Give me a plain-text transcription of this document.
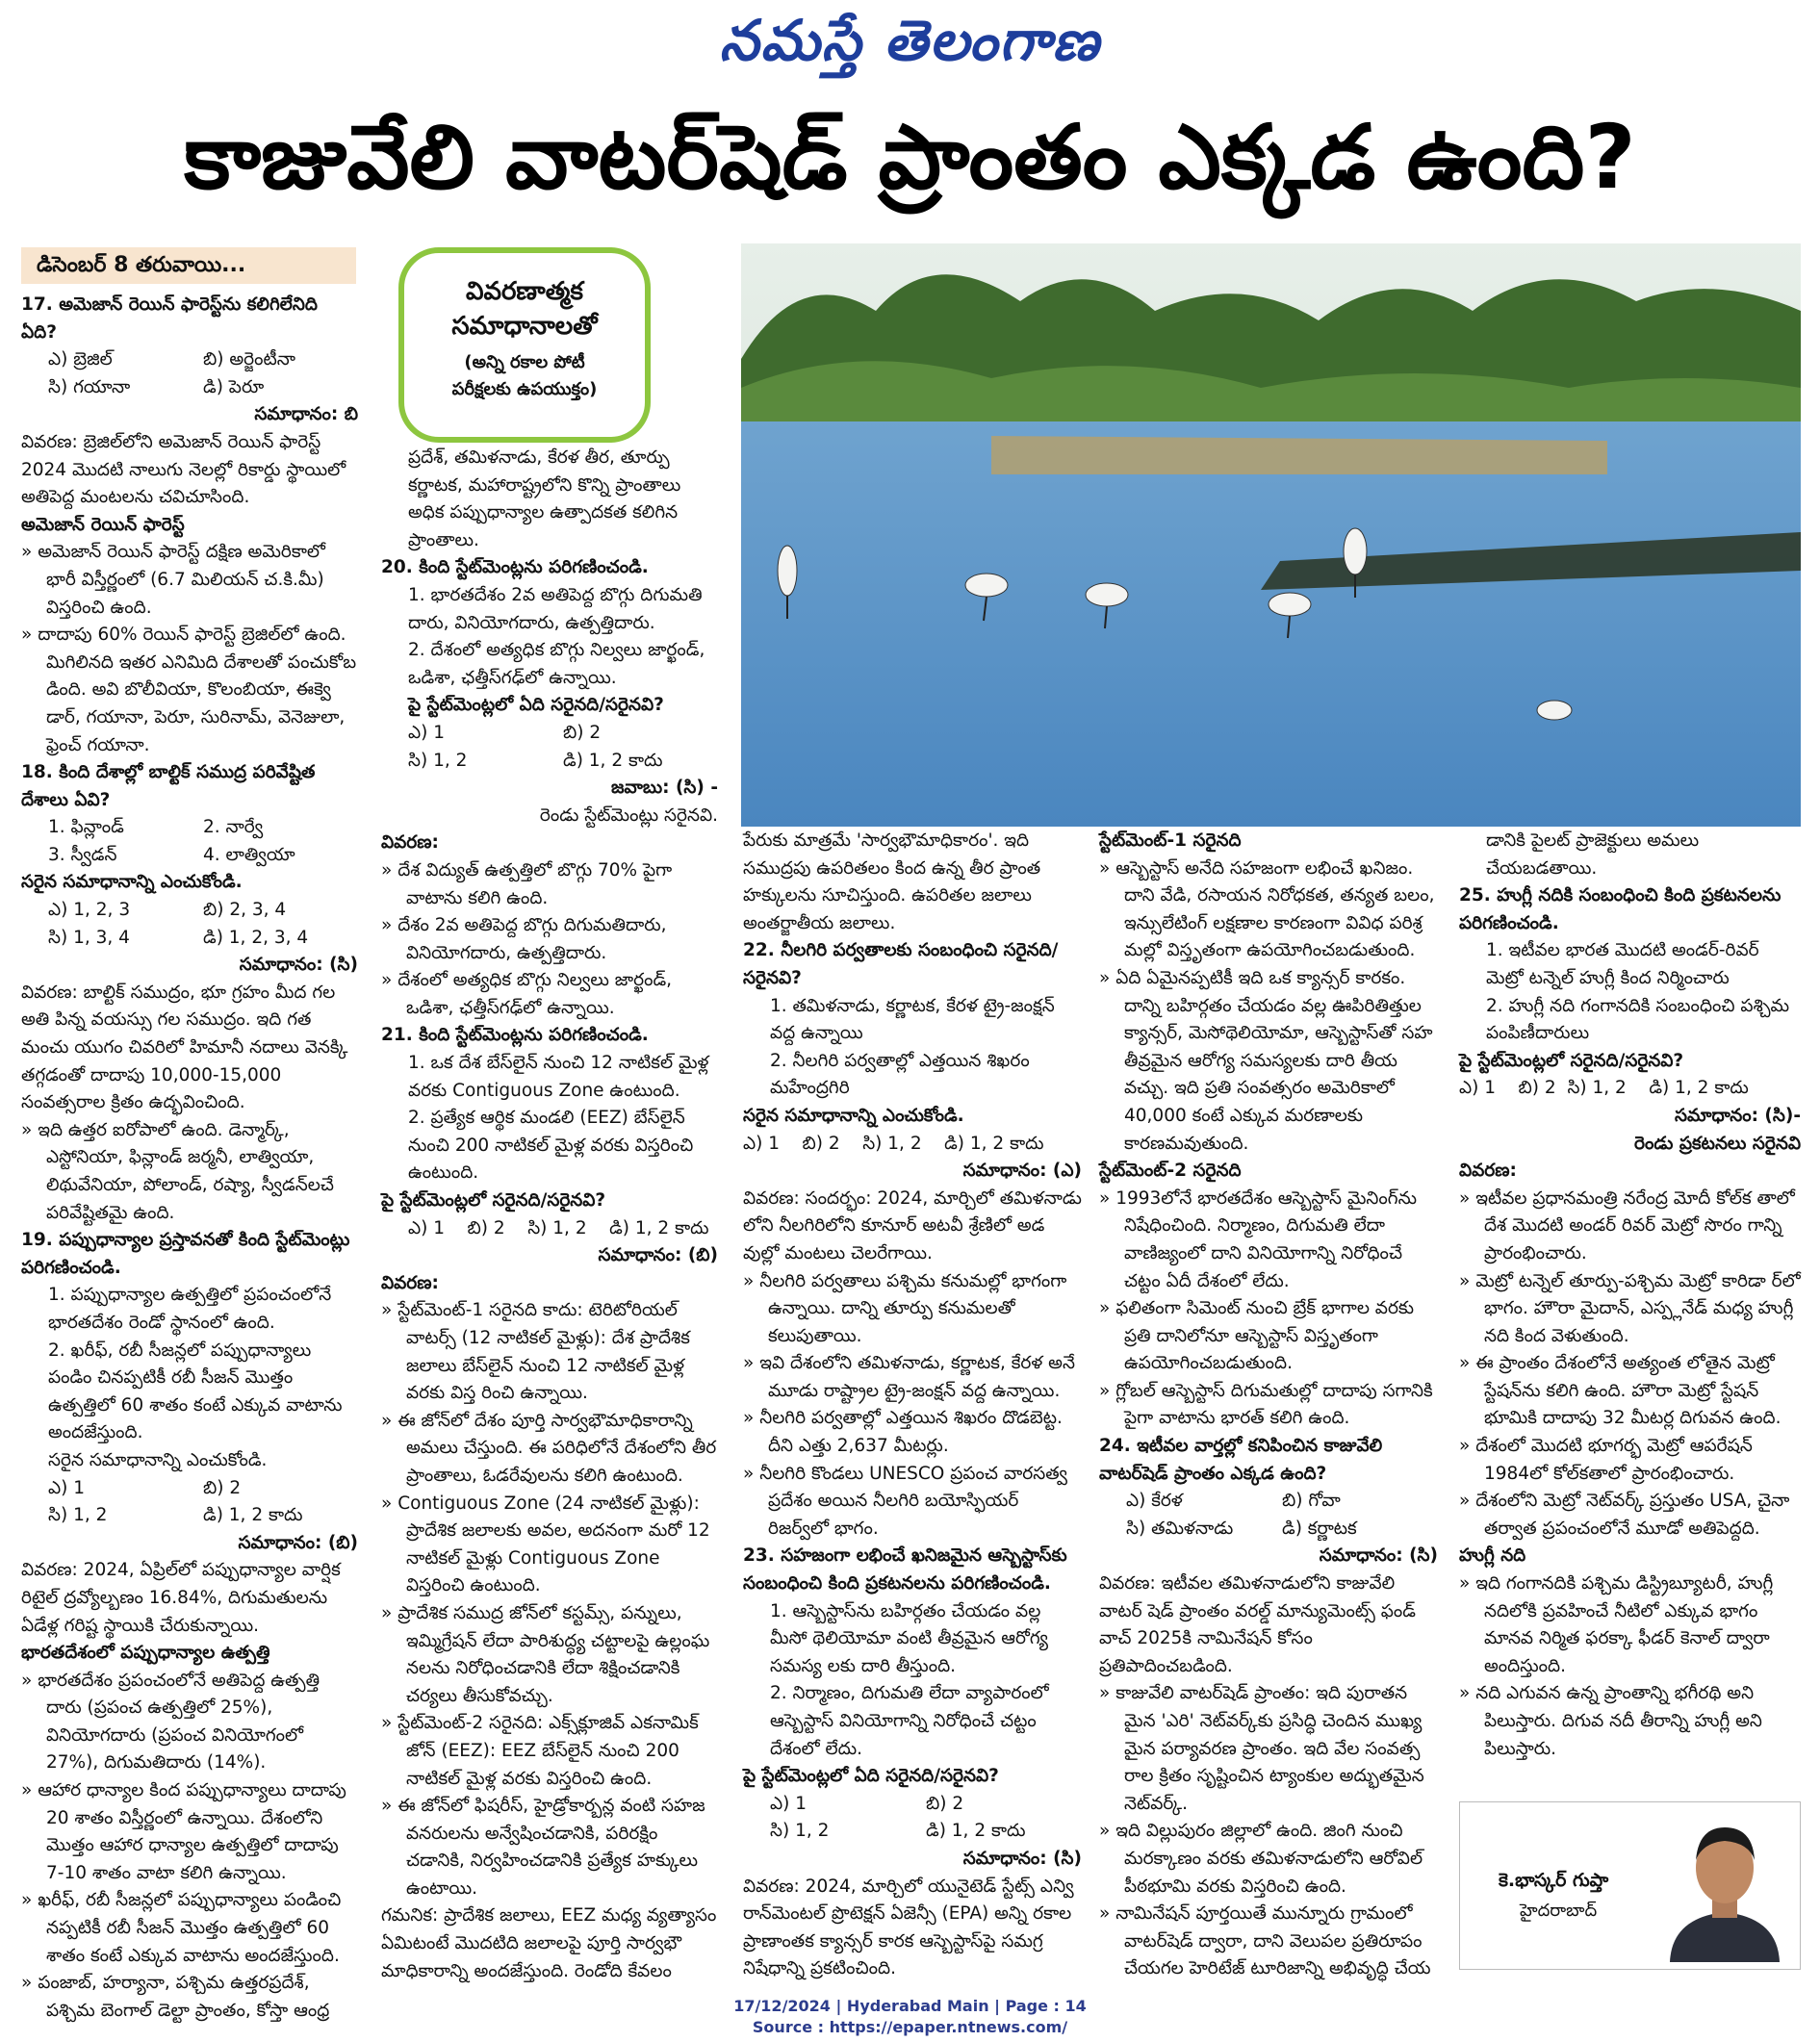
నమస్తే తెలంగాణ
కాజువేలి వాటర్‌షెడ్ ప్రాంతం ఎక్కడ ఉంది?
డిసెంబర్ 8 తరువాయి...

17. అమెజాన్ రెయిన్ ఫారెస్ట్‌ను కలిగిలేనిది ఏది?

ఎ) బ్రెజిల్	బి) అర్జెంటీనా
సి) గయానా	డి) పెరూ

సమాధానం: బి

వివరణ: బ్రెజిల్‌లోని అమెజాన్ రెయిన్ ఫారెస్ట్ 2024 మొదటి నాలుగు నెలల్లో రికార్డు స్థాయిలో అతిపెద్ద మంటలను చవిచూసింది.

అమెజాన్ రెయిన్ ఫారెస్ట్

» అమెజాన్ రెయిన్ ఫారెస్ట్ దక్షిణ అమెరికాలో భారీ విస్తీర్ణంలో (6.7 మిలియన్ చ.కి.మీ) విస్తరించి ఉంది.

» దాదాపు 60% రెయిన్ ఫారెస్ట్ బ్రెజిల్‌లో ఉంది. మిగిలినది ఇతర ఎనిమిది దేశాలతో పంచుకోబ డింది. అవి బొలీవియా, కొలంబియా, ఈక్వె డార్, గయానా, పెరూ, సురినామ్, వెనెజులా, ఫ్రెంచ్ గయానా.

18. కింది దేశాల్లో బాల్టిక్ సముద్ర పరివేష్టిత దేశాలు ఏవి?

1. ఫిన్లాండ్	2. నార్వే
3. స్వీడన్	4. లాత్వియా

సరైన సమాధానాన్ని ఎంచుకోండి.

ఎ) 1, 2, 3	బి) 2, 3, 4
సి) 1, 3, 4	డి) 1, 2, 3, 4

సమాధానం: (సి)

వివరణ: బాల్టిక్ సముద్రం, భూ గ్రహం మీద గల అతి పిన్న వయస్సు గల సముద్రం. ఇది గత మంచు యుగం చివరిలో హిమానీ నదాలు వెనక్కి తగ్గడంతో దాదాపు 10,000-15,000 సంవత్సరాల క్రితం ఉద్భవించింది.

» ఇది ఉత్తర ఐరోపాలో ఉంది. డెన్మార్క్, ఎస్టోనియా, ఫిన్లాండ్ జర్మనీ, లాత్వియా, లిథువేనియా, పోలాండ్, రష్యా, స్వీడన్‌లచే పరివేష్టితమై ఉంది.

19. పప్పుధాన్యాల ప్రస్తావనతో కింది స్టేట్‌మెంట్లు పరిగణించండి.

1. పప్పుధాన్యాల ఉత్పత్తిలో ప్రపంచంలోనే భారతదేశం రెండో స్థానంలో ఉంది.

2. ఖరీఫ్, రబీ సీజన్లలో పప్పుధాన్యాలు పండిం చినప్పటికీ రబీ సీజన్ మొత్తం ఉత్పత్తిలో 60 శాతం కంటే ఎక్కువ వాటాను అందజేస్తుంది.

సరైన సమాధానాన్ని ఎంచుకోండి.

ఎ) 1	బి) 2
సి) 1, 2	డి) 1, 2 కాదు

సమాధానం: (బి)

వివరణ: 2024, ఏప్రిల్‌లో పప్పుధాన్యాల వార్షిక రిటైల్ ద్రవ్యోల్బణం 16.84%, దిగుమతులను ఏడేళ్ల గరిష్ట స్థాయికి చేరుకున్నాయి.

భారతదేశంలో పప్పుధాన్యాల ఉత్పత్తి

» భారతదేశం ప్రపంచంలోనే అతిపెద్ద ఉత్పత్తి దారు (ప్రపంచ ఉత్పత్తిలో 25%), వినియోగదారు (ప్రపంచ వినియోగంలో 27%), దిగుమతిదారు (14%).

» ఆహార ధాన్యాల కింద పప్పుధాన్యాలు దాదాపు 20 శాతం విస్తీర్ణంలో ఉన్నాయి. దేశంలోని మొత్తం ఆహార ధాన్యాల ఉత్పత్తిలో దాదాపు 7-10 శాతం వాటా కలిగి ఉన్నాయి.

» ఖరీఫ్, రబీ సీజన్లలో పప్పుధాన్యాలు పండించి నప్పటికీ రబీ సీజన్ మొత్తం ఉత్పత్తిలో 60 శాతం కంటే ఎక్కువ వాటాను అందజేస్తుంది.

» పంజాబ్, హర్యానా, పశ్చిమ ఉత్తరప్రదేశ్, పశ్చిమ బెంగాల్ డెల్టా ప్రాంతం, కోస్తా ఆంధ్ర

వివరణాత్మక
సమాధానాలతో
(అన్ని రకాల పోటీ
పరీక్షలకు ఉపయుక్తం)

ప్రదేశ్, తమిళనాడు, కేరళ తీర, తూర్పు కర్ణాటక, మహారాష్ట్రలోని కొన్ని ప్రాంతాలు అధిక పప్పుధాన్యాల ఉత్పాదకత కలిగిన ప్రాంతాలు.

20. కింది స్టేట్‌మెంట్లను పరిగణించండి.

1. భారతదేశం 2వ అతిపెద్ద బొగ్గు దిగుమతి దారు, వినియోగదారు, ఉత్పత్తిదారు.

2. దేశంలో అత్యధిక బొగ్గు నిల్వలు జార్ఖండ్, ఒడిశా, ఛత్తీస్‌గఢ్‌లో ఉన్నాయి.

పై స్టేట్‌మెంట్లలో ఏది సరైనది/సరైనవి?

ఎ) 1	బి) 2
సి) 1, 2	డి) 1, 2 కాదు

జవాబు: (సి) -

రెండు స్టేట్‌మెంట్లు సరైనవి.

వివరణ:

» దేశ విద్యుత్ ఉత్పత్తిలో బొగ్గు 70% పైగా వాటాను కలిగి ఉంది.

» దేశం 2వ అతిపెద్ద బొగ్గు దిగుమతిదారు, వినియోగదారు, ఉత్పత్తిదారు.

» దేశంలో అత్యధిక బొగ్గు నిల్వలు జార్ఖండ్, ఒడిశా, ఛత్తీస్‌గఢ్‌లో ఉన్నాయి.

21. కింది స్టేట్‌మెంట్లను పరిగణించండి.

1. ఒక దేశ బేస్‌లైన్ నుంచి 12 నాటికల్ మైళ్ల వరకు Contiguous Zone ఉంటుంది.

2. ప్రత్యేక ఆర్థిక మండలి (EEZ) బేస్‌లైన్ నుంచి 200 నాటికల్ మైళ్ల వరకు విస్తరించి ఉంటుంది.

పై స్టేట్‌మెంట్లలో సరైనది/సరైనవి?

ఎ) 1    బి) 2    సి) 1, 2    డి) 1, 2 కాదు

సమాధానం: (బి)

వివరణ:

» స్టేట్‌మెంట్-1 సరైనది కాదు: టెరిటోరియల్ వాటర్స్ (12 నాటికల్ మైళ్లు): దేశ ప్రాదేశిక జలాలు బేస్‌లైన్ నుంచి 12 నాటికల్ మైళ్ల వరకు విస్త రించి ఉన్నాయి.

» ఈ జోన్‌లో దేశం పూర్తి సార్వభౌమాధికారాన్ని అమలు చేస్తుంది. ఈ పరిధిలోనే దేశంలోని తీర ప్రాంతాలు, ఓడరేవులను కలిగి ఉంటుంది.

» Contiguous Zone (24 నాటికల్ మైళ్లు): ప్రాదేశిక జలాలకు అవల, అదనంగా మరో 12 నాటికల్ మైళ్లు Contiguous Zone విస్తరించి ఉంటుంది.

» ప్రాదేశిక సముద్ర జోన్‌లో కస్టమ్స్, పన్నులు, ఇమ్మిగ్రేషన్ లేదా పారిశుద్ధ్య చట్టాలపై ఉల్లంఘ నలను నిరోధించడానికి లేదా శిక్షించడానికి చర్యలు తీసుకోవచ్చు.

» స్టేట్‌మెంట్-2 సరైనది: ఎక్స్‌క్లూజివ్ ఎకనామిక్ జోన్ (EEZ): EEZ బేస్‌లైన్ నుంచి 200 నాటికల్ మైళ్ల వరకు విస్తరించి ఉంది.

» ఈ జోన్‌లో ఫిషరీస్, హైడ్రోకార్బన్ల వంటి సహజ వనరులను అన్వేషించడానికి, పరిరక్షిం చడానికి, నిర్వహించడానికి ప్రత్యేక హక్కులు ఉంటాయి.

గమనిక: ప్రాదేశిక జలాలు, EEZ మధ్య వ్యత్యాసం ఏమిటంటే మొదటిది జలాలపై పూర్తి సార్వభౌ మాధికారాన్ని అందజేస్తుంది. రెండోది కేవలం

పేరుకు మాత్రమే 'సార్వభౌమాధికారం'. ఇది సముద్రపు ఉపరితలం కింద ఉన్న తీర ప్రాంత హక్కులను సూచిస్తుంది. ఉపరితల జలాలు అంతర్జాతీయ జలాలు.

22. నీలగిరి పర్వతాలకు సంబంధించి సరైనది/సరైనవి?

1. తమిళనాడు, కర్ణాటక, కేరళ ట్రై-జంక్షన్ వద్ద ఉన్నాయి

2. నీలగిరి పర్వతాల్లో ఎత్తయిన శిఖరం మహేంద్రగిరి

సరైన సమాధానాన్ని ఎంచుకోండి.

ఎ) 1    బి) 2    సి) 1, 2    డి) 1, 2 కాదు

సమాధానం: (ఎ)

వివరణ: సందర్భం: 2024, మార్చిలో తమిళనాడు లోని నీలగిరిలోని కూనూర్ అటవీ శ్రేణిలో అడ వుల్లో మంటలు చెలరేగాయి.

» నీలగిరి పర్వతాలు పశ్చిమ కనుమల్లో భాగంగా ఉన్నాయి. దాన్ని తూర్పు కనుమలతో కలుపుతాయి.

» ఇవి దేశంలోని తమిళనాడు, కర్ణాటక, కేరళ అనే మూడు రాష్ట్రాల ట్రై-జంక్షన్ వద్ద ఉన్నాయి.

» నీలగిరి పర్వతాల్లో ఎత్తయిన శిఖరం దొడబెట్ట. దీని ఎత్తు 2,637 మీటర్లు.

» నీలగిరి కొండలు UNESCO ప్రపంచ వారసత్వ ప్రదేశం అయిన నీలగిరి బయోస్ఫియర్ రిజర్వ్‌లో భాగం.

23. సహజంగా లభించే ఖనిజమైన ఆస్బెస్టాస్‌కు సంబంధించి కింది ప్రకటనలను పరిగణించండి.

1. ఆస్బెస్టాస్‌ను బహిర్గతం చేయడం వల్ల మీసో థెలియోమా వంటి తీవ్రమైన ఆరోగ్య సమస్య లకు దారి తీస్తుంది.

2. నిర్మాణం, దిగుమతి లేదా వ్యాపారంలో ఆస్బెస్టాస్ వినియోగాన్ని నిరోధించే చట్టం దేశంలో లేదు.

పై స్టేట్‌మెంట్లలో ఏది సరైనది/సరైనవి?

ఎ) 1	బి) 2
సి) 1, 2	డి) 1, 2 కాదు

సమాధానం: (సి)

వివరణ: 2024, మార్చిలో యునైటెడ్ స్టేట్స్ ఎన్వి రాన్‌మెంటల్ ప్రొటెక్షన్ ఏజెన్సీ (EPA) అన్ని రకాల ప్రాణాంతక క్యాన్సర్ కారక ఆస్బెస్టాస్‌పై సమగ్ర నిషేధాన్ని ప్రకటించింది.

స్టేట్‌మెంట్-1 సరైనది

» ఆస్బెస్టాస్ అనేది సహజంగా లభించే ఖనిజం. దాని వేడి, రసాయన నిరోధకత, తన్యత బలం, ఇన్సులేటింగ్ లక్షణాల కారణంగా వివిధ పరిశ్ర మల్లో విస్తృతంగా ఉపయోగించబడుతుంది.

» ఏది ఏమైనప్పటికీ ఇది ఒక క్యాన్సర్ కారకం. దాన్ని బహిర్గతం చేయడం వల్ల ఊపిరితిత్తుల క్యాన్సర్, మెసోథెలియోమా, ఆస్బెస్టాస్‌తో సహ తీవ్రమైన ఆరోగ్య సమస్యలకు దారి తీయ వచ్చు. ఇది ప్రతి సంవత్సరం అమెరికాలో 40,000 కంటే ఎక్కువ మరణాలకు కారణమవుతుంది.

స్టేట్‌మెంట్-2 సరైనది

» 1993లోనే భారతదేశం ఆస్బెస్టాస్ మైనింగ్‌ను నిషేధించింది. నిర్మాణం, దిగుమతి లేదా వాణిజ్యంలో దాని వినియోగాన్ని నిరోధించే చట్టం ఏదీ దేశంలో లేదు.

» ఫలితంగా సిమెంట్ నుంచి బ్రేక్ భాగాల వరకు ప్రతి దానిలోనూ ఆస్బెస్టాస్ విస్తృతంగా ఉపయోగించబడుతుంది.

» గ్లోబల్ ఆస్బెస్టాస్ దిగుమతుల్లో దాదాపు సగానికి పైగా వాటాను భారత్ కలిగి ఉంది.

24. ఇటీవల వార్తల్లో కనిపించిన కాజువేలి వాటర్‌షెడ్ ప్రాంతం ఎక్కడ ఉంది?

ఎ) కేరళ	బి) గోవా
సి) తమిళనాడు	డి) కర్ణాటక

సమాధానం: (సి)

వివరణ: ఇటీవల తమిళనాడులోని కాజువేలి వాటర్ షెడ్ ప్రాంతం వరల్డ్ మాన్యుమెంట్స్ ఫండ్ వాచ్ 2025కి నామినేషన్ కోసం ప్రతిపాదించబడింది.

» కాజువేలి వాటర్‌షెడ్ ప్రాంతం: ఇది పురాతన మైన 'ఎరి' నెట్‌వర్క్‌కు ప్రసిద్ధి చెందిన ముఖ్య మైన పర్యావరణ ప్రాంతం. ఇది వేల సంవత్స రాల క్రితం సృష్టించిన ట్యాంకుల అద్భుతమైన నెట్‌వర్క్.

» ఇది విల్లుపురం జిల్లాలో ఉంది. జింగి నుంచి మరక్కాణం వరకు తమిళనాడులోని ఆరోవిల్ పీఠభూమి వరకు విస్తరించి ఉంది.

» నామినేషన్ పూర్తయితే మున్నూరు గ్రామంలో వాటర్‌షెడ్ ద్వారా, దాని వెలుపల ప్రతిరూపం చేయగల హెరిటేజ్ టూరిజాన్ని అభివృద్ధి చేయ

డానికి పైలట్ ప్రాజెక్టులు అమలు చేయబడతాయి.

25. హుగ్లీ నదికి సంబంధించి కింది ప్రకటనలను పరిగణించండి.

1. ఇటీవల భారత మొదటి అండర్-రివర్ మెట్రో టన్నెల్ హుగ్లీ కింద నిర్మించారు

2. హుగ్లీ నది గంగానదికి సంబంధించి పశ్చిమ పంపిణీదారులు

పై స్టేట్‌మెంట్లలో సరైనది/సరైనవి?

ఎ) 1    బి) 2  సి) 1, 2    డి) 1, 2 కాదు

సమాధానం: (సి)-

రెండు ప్రకటనలు సరైనవి

వివరణ:

» ఇటీవల ప్రధానమంత్రి నరేంద్ర మోదీ కోల్‌క తాలో దేశ మొదటి అండర్ రివర్ మెట్రో సొరం గాన్ని ప్రారంభించారు.

» మెట్రో టన్నెల్ తూర్పు-పశ్చిమ మెట్రో కారిడా ర్‌లో భాగం. హౌరా మైదాన్, ఎస్ప్లనేడ్ మధ్య హుగ్లీ నది కింద వెళుతుంది.

» ఈ ప్రాంతం దేశంలోనే అత్యంత లోతైన మెట్రో స్టేషన్‌ను కలిగి ఉంది. హౌరా మెట్రో స్టేషన్ భూమికి దాదాపు 32 మీటర్ల దిగువన ఉంది.

» దేశంలో మొదటి భూగర్భ మెట్రో ఆపరేషన్ 1984లో కోల్‌కతాలో ప్రారంభించారు.

» దేశంలోని మెట్రో నెట్‌వర్క్ ప్రస్తుతం USA, చైనా తర్వాత ప్రపంచంలోనే మూడో అతిపెద్దది.

హుగ్లీ నది

» ఇది గంగానదికి పశ్చిమ డిస్ట్రిబ్యూటరీ, హుగ్లీ నదిలోకి ప్రవహించే నీటిలో ఎక్కువ భాగం మానవ నిర్మిత ఫరక్కా ఫీడర్ కెనాల్ ద్వారా అందిస్తుంది.

» నది ఎగువన ఉన్న ప్రాంతాన్ని భగీరథి అని పిలుస్తారు. దిగువ నదీ తీరాన్ని హుగ్లీ అని పిలుస్తారు.

కె.భాస్కర్ గుప్తా
హైదరాబాద్
17/12/2024 | Hyderabad Main | Page : 14
Source : https://epaper.ntnews.com/
